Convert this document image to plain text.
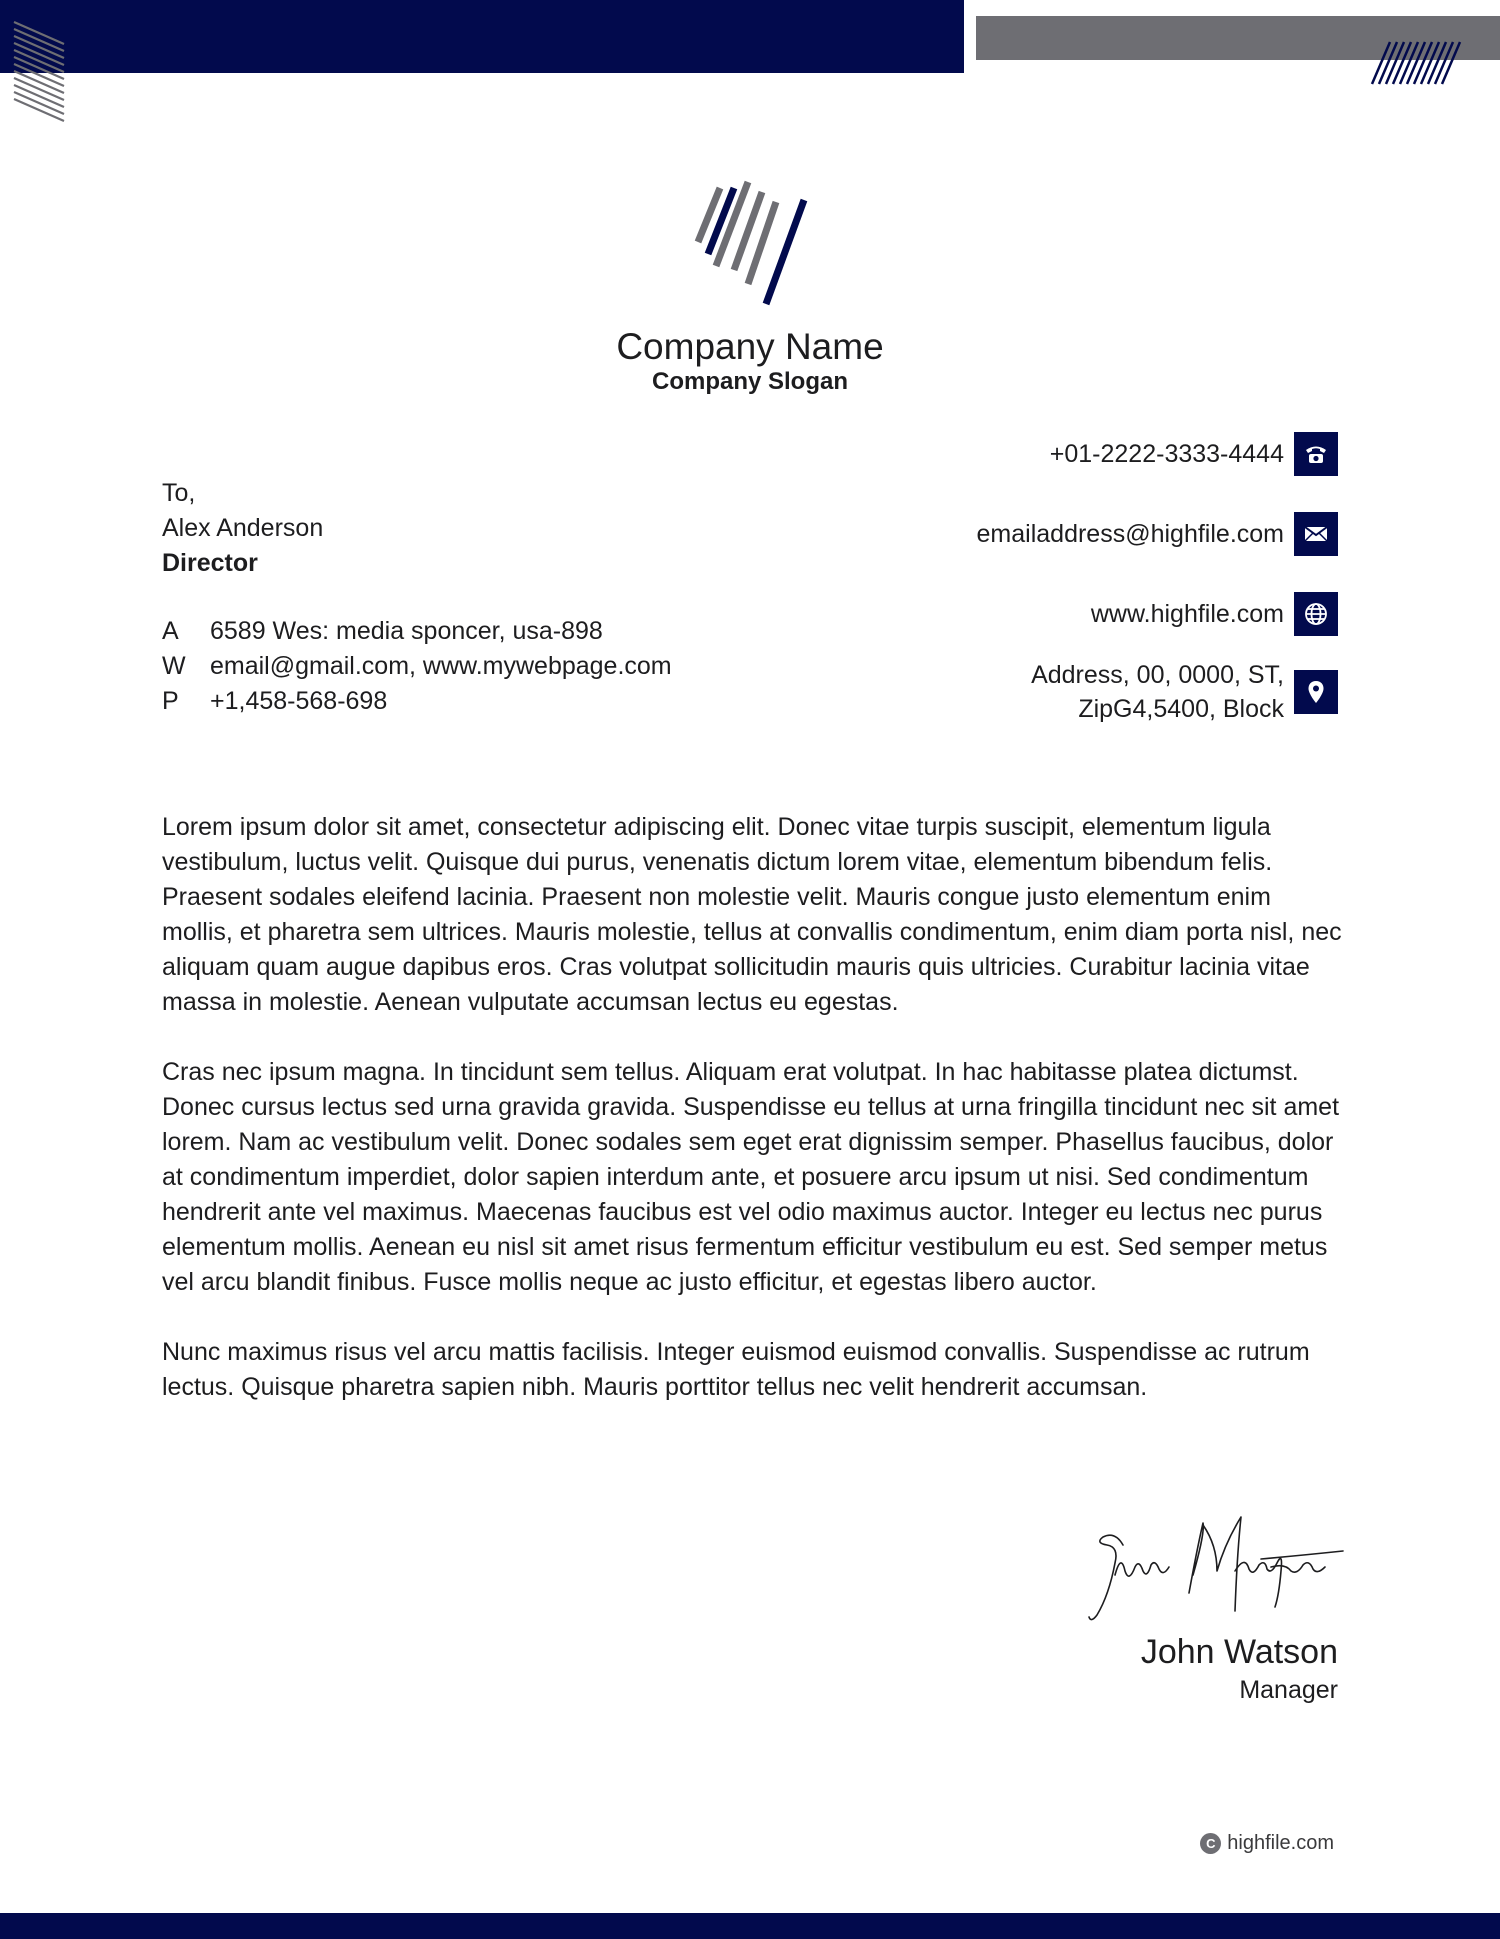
Company Name
Company Slogan
To,
Alex Anderson
Director
A	6589 Wes: media sponcer, usa-898
W email@gmail.com, www.mywebpage.com
P	+1,458-568-698
+01-2222-3333-4444
emailaddress@highfile.com
www.highfile.com
Address, 00, 0000, ST,
ZipG4,5400, Block

Lorem ipsum dolor sit amet, consectetur adipiscing elit. Donec vitae turpis suscipit, elementum ligula vestibulum, luctus velit. Quisque dui purus, venenatis dictum lorem vitae, elementum bibendum felis. Praesent sodales eleifend lacinia. Praesent non molestie velit. Mauris congue justo elementum enim mollis, et pharetra sem ultrices. Mauris molestie, tellus at convallis condimentum, enim diam porta nisl, nec aliquam quam augue dapibus eros. Cras volutpat sollicitudin mauris quis ultricies. Curabitur lacinia vitae massa in molestie. Aenean vulputate accumsan lectus eu egestas.

Cras nec ipsum magna. In tincidunt sem tellus. Aliquam erat volutpat. In hac habitasse platea dictumst. Donec cursus lectus sed urna gravida gravida. Suspendisse eu tellus at urna fringilla tincidunt nec sit amet lorem. Nam ac vestibulum velit. Donec sodales sem eget erat dignissim semper. Phasellus faucibus, dolor at condimentum imperdiet, dolor sapien interdum ante, et posuere arcu ipsum ut nisi. Sed condimentum hendrerit ante vel maximus. Maecenas faucibus est vel odio maximus auctor. Integer eu lectus nec purus elementum mollis. Aenean eu nisl sit amet risus fermentum efficitur vestibulum eu est. Sed semper metus vel arcu blandit finibus. Fusce mollis neque ac justo efficitur, et egestas libero auctor.

Nunc maximus risus vel arcu mattis facilisis. Integer euismod euismod convallis. Suspendisse ac rutrum lectus. Quisque pharetra sapien nibh. Mauris porttitor tellus nec velit hendrerit accumsan.

John Watson
Manager
C highfile.com
